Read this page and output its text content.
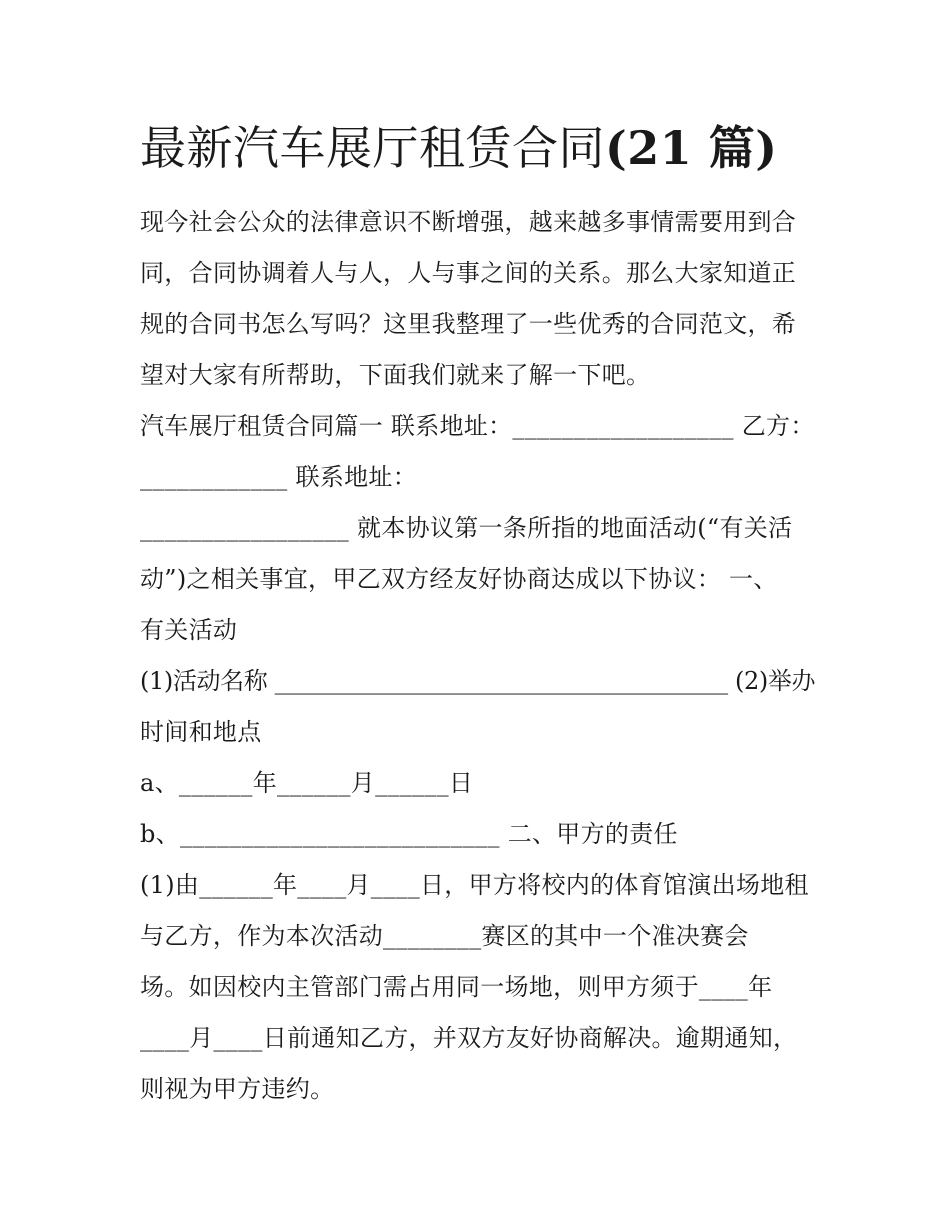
最新汽车展厅租赁合同(21 篇)
现今社会公众的法律意识不断增强，越来越多事情需要用到合
同，合同协调着人与人，人与事之间的关系。那么大家知道正
规的合同书怎么写吗？这里我整理了一些优秀的合同范文，希
望对大家有所帮助，下面我们就来了解一下吧。
汽车展厅租赁合同篇一 联系地址：__________________ 乙方：
____________ 联系地址：
_________________ 就本协议第一条所指的地面活动(“有关活
动”)之相关事宜，甲乙双方经友好协商达成以下协议： 一、
有关活动
(1)活动名称 _______________________________________ (2)举办
时间和地点
a、______年______月______日
b、__________________________ 二、甲方的责任
(1)由______年____月____日，甲方将校内的体育馆演出场地租
与乙方，作为本次活动________赛区的其中一个准决赛会
场。如因校内主管部门需占用同一场地，则甲方须于____年
____月____日前通知乙方，并双方友好协商解决。逾期通知，
则视为甲方违约。
